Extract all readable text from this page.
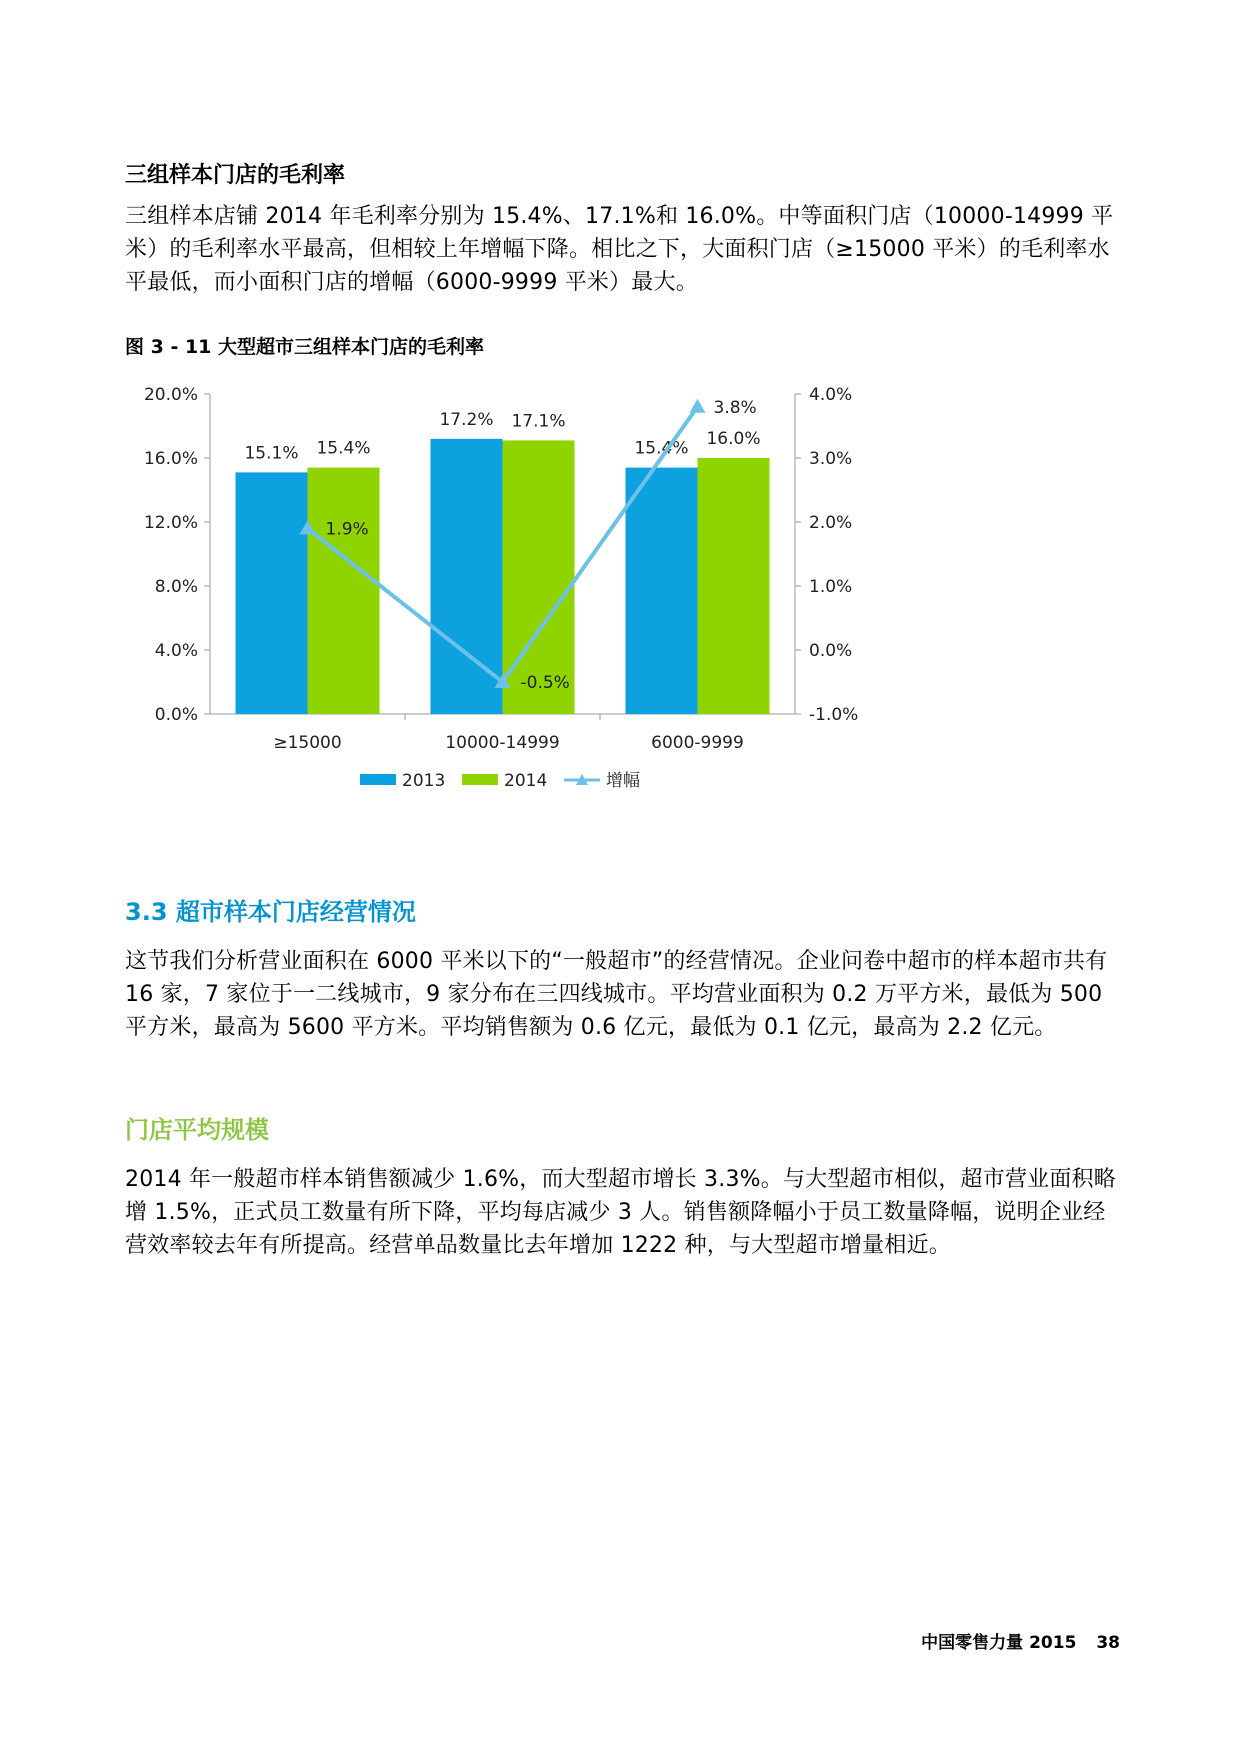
三组样本门店的毛利率

三组样本店铺 2014 年毛利率分别为 15.4%、17.1%和 16.0%。中等面积门店（10000-14999 平米）的毛利率水平最高，但相较上年增幅下降。相比之下，大面积门店（≥15000 平米）的毛利率水平最低，而小面积门店的增幅（6000-9999 平米）最大。

图 3 - 11 大型超市三组样本门店的毛利率
0.0%
4.0%
8.0%
12.0%
16.0%
20.0%
-1.0%
0.0%
1.0%
2.0%
3.0%
4.0%
≥15000	10000-14999	6000-9999
15.1% 15.4%
17.2% 17.1%
15.4% 16.0%
1.9%
-0.5%
3.8%
2013	2014	增幅
3.3 超市样本门店经营情况

这节我们分析营业面积在 6000 平米以下的“一般超市”的经营情况。企业问卷中超市的样本超市共有 16 家，7 家位于一二线城市，9 家分布在三四线城市。平均营业面积为 0.2 万平方米，最低为 500 平方米，最高为 5600 平方米。平均销售额为 0.6 亿元，最低为 0.1 亿元，最高为 2.2 亿元。

门店平均规模

2014 年一般超市样本销售额减少 1.6%，而大型超市增长 3.3%。与大型超市相似，超市营业面积略增 1.5%，正式员工数量有所下降，平均每店减少 3 人。销售额降幅小于员工数量降幅，说明企业经营效率较去年有所提高。经营单品数量比去年增加 1222 种，与大型超市增量相近。

中国零售力量 2015 38
